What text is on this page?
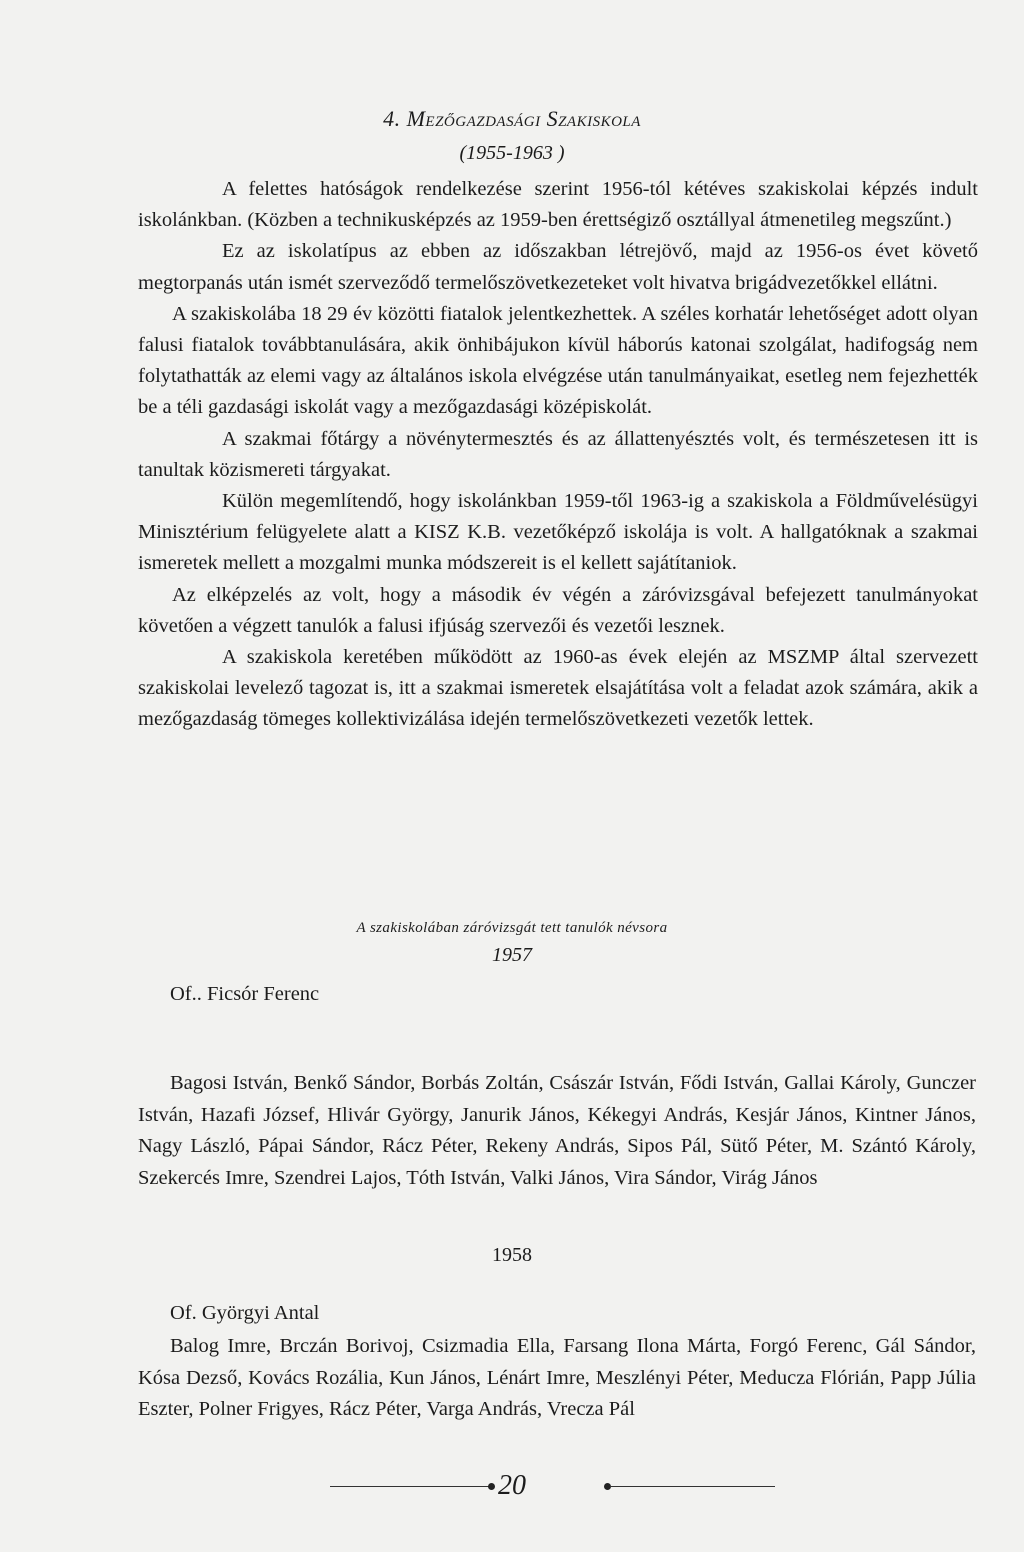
4. Mezőgazdasági Szakiskola
(1955-1963 )

A felettes hatóságok rendelkezése szerint 1956-tól kétéves szakiskolai képzés indult iskolánkban. (Közben a technikusképzés az 1959-ben érettségiző osztállyal átmenetileg megszűnt.)

Ez az iskolatípus az ebben az időszakban létrejövő, majd az 1956-os évet követő megtorpanás után ismét szerveződő termelőszövetkezeteket volt hivatva brigádvezetőkkel ellátni.

A szakiskolába 18 29 év közötti fiatalok jelentkezhettek. A széles korhatár lehetőséget adott olyan falusi fiatalok továbbtanulására, akik önhibájukon kívül háborús katonai szolgálat, hadifogság nem folytathatták az elemi vagy az általános iskola elvégzése után tanulmányaikat, esetleg nem fejezhették be a téli gazdasági iskolát vagy a mezőgazdasági középiskolát.

A szakmai főtárgy a növénytermesztés és az állattenyésztés volt, és természetesen itt is tanultak közismereti tárgyakat.

Külön megemlítendő, hogy iskolánkban 1959-től 1963-ig a szakiskola a Földművelésügyi Minisztérium felügyelete alatt a KISZ K.B. vezetőképző iskolája is volt. A hallgatóknak a szakmai ismeretek mellett a mozgalmi munka módszereit is el kellett sajátítaniok.

Az elképzelés az volt, hogy a második év végén a záróvizsgával befejezett tanulmányokat követően a végzett tanulók a falusi ifjúság szervezői és vezetői lesznek.

A szakiskola keretében működött az 1960-as évek elején az MSZMP által szervezett szakiskolai levelező tagozat is, itt a szakmai ismeretek elsajátítása volt a feladat azok számára, akik a mezőgazdaság tömeges kollektivizálása idején termelőszövetkezeti vezetők lettek.

A szakiskolában záróvizsgát tett tanulók névsora
1957
Of.. Ficsór Ferenc
Bagosi István, Benkő Sándor, Borbás Zoltán, Császár István, Fődi István, Gallai Károly, Gunczer István, Hazafi József, Hlivár György, Janurik János, Kékegyi András, Kesjár János, Kintner János, Nagy László, Pápai Sándor, Rácz Péter, Rekeny András, Sipos Pál, Sütő Péter, M. Szántó Károly, Szekercés Imre, Szendrei Lajos, Tóth István, Valki János, Vira Sándor, Virág János
1958
Of. Györgyi Antal
Balog Imre, Brczán Borivoj, Csizmadia Ella, Farsang Ilona Márta, Forgó Ferenc, Gál Sándor, Kósa Dezső, Kovács Rozália, Kun János, Lénárt Imre, Meszlényi Péter, Meducza Flórián, Papp Júlia Eszter, Polner Frigyes, Rácz Péter, Varga András, Vrecza Pál
20
